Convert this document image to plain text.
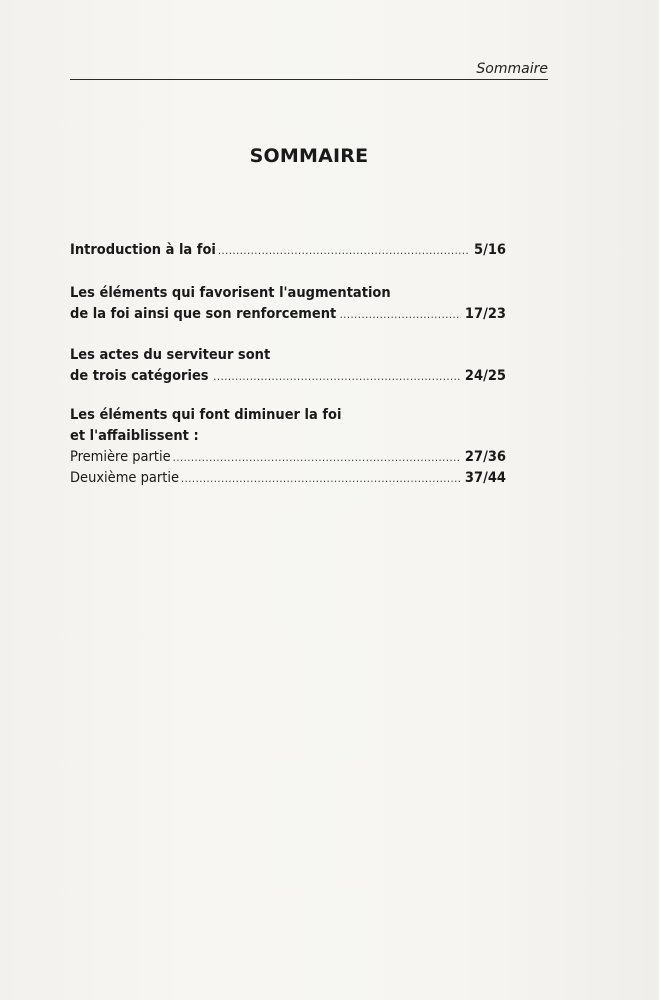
Sommaire
SOMMAIRE
Introduction à la foi .....	5/16
Les éléments qui favorisent l'augmentation
de la foi ainsi que son renforcement .....	17/23
Les actes du serviteur sont
de trois catégories .....	24/25
Les éléments qui font diminuer la foi
et l'affaiblissent :
Première partie .....	27/36
Deuxième partie .....	37/44
